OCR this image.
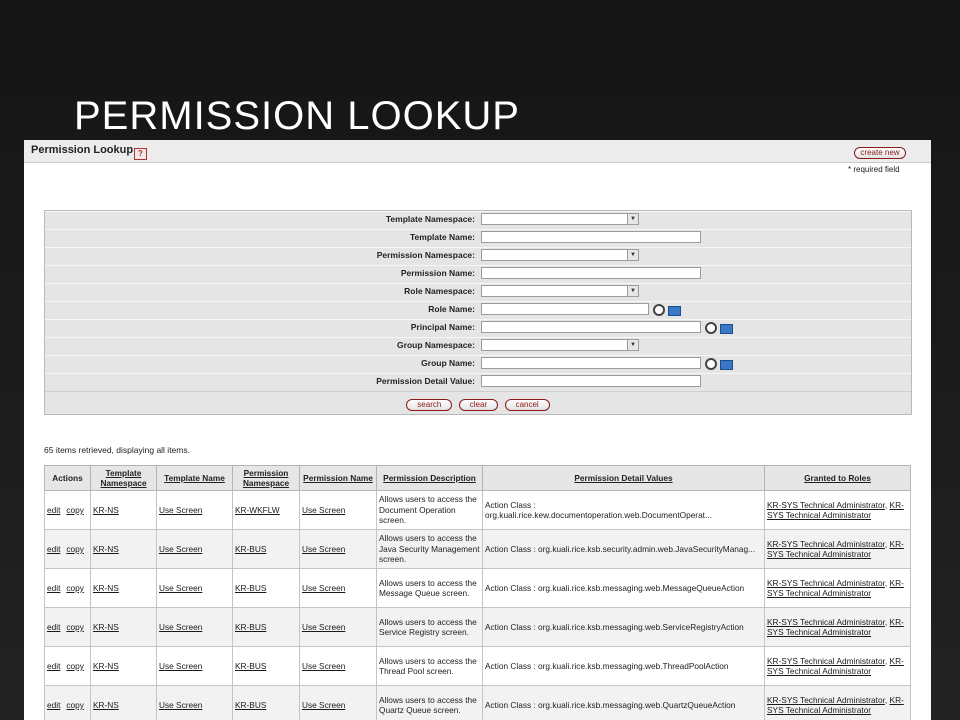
PERMISSION LOOKUP
Permission Lookup ?	create new
* required field
Template Namespace:	▼
Template Name:
Permission Namespace:	▼
Permission Name:
Role Namespace:	▼
Role Name:
Principal Name:
Group Namespace:	▼
Group Name:
Permission Detail Value:
search	clear	cancel
65 items retrieved, displaying all items.
Actions	Template Namespace	Template Name	Permission Namespace	Permission Name	Permission Description	Permission Detail Values	Granted to Roles
edit copy	KR-NS	Use Screen	KR-WKFLW	Use Screen	Allows users to access the Document Operation screen.	Action Class : org.kuali.rice.kew.documentoperation.web.DocumentOperat...	KR-SYS Technical Administrator, KR-SYS Technical Administrator
edit copy	KR-NS	Use Screen	KR-BUS	Use Screen	Allows users to access the Java Security Management screen.	Action Class : org.kuali.rice.ksb.security.admin.web.JavaSecurityManag...	KR-SYS Technical Administrator, KR-SYS Technical Administrator
edit copy	KR-NS	Use Screen	KR-BUS	Use Screen	Allows users to access the Message Queue screen.	Action Class : org.kuali.rice.ksb.messaging.web.MessageQueueAction	KR-SYS Technical Administrator, KR-SYS Technical Administrator
edit copy	KR-NS	Use Screen	KR-BUS	Use Screen	Allows users to access the Service Registry screen.	Action Class : org.kuali.rice.ksb.messaging.web.ServiceRegistryAction	KR-SYS Technical Administrator, KR-SYS Technical Administrator
edit copy	KR-NS	Use Screen	KR-BUS	Use Screen	Allows users to access the Thread Pool screen.	Action Class : org.kuali.rice.ksb.messaging.web.ThreadPoolAction	KR-SYS Technical Administrator, KR-SYS Technical Administrator
edit copy	KR-NS	Use Screen	KR-BUS	Use Screen	Allows users to access the Quartz Queue screen.	Action Class : org.kuali.rice.ksb.messaging.web.QuartzQueueAction	KR-SYS Technical Administrator, KR-SYS Technical Administrator
